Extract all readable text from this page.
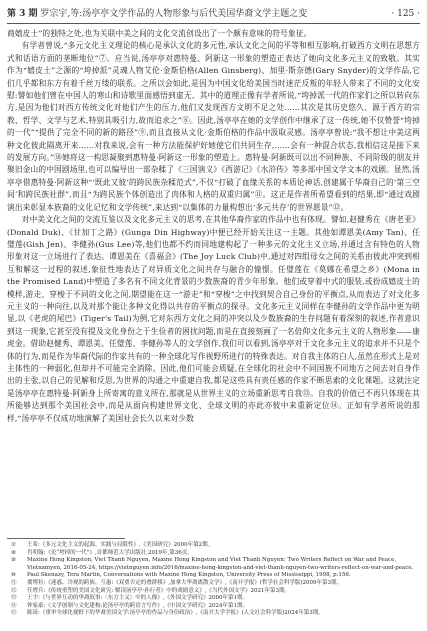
第 3 期 罗宗宇,等:汤亭亭文学作品的人物形象与后代美国华裔文学主题之变	· 125 ·

商嬉皮士”的独特之处,也为关联中美之间的文化交流创设出了一个颇有意味的符号象征。

有学者曾说,“多元文化主义理论的核心是承认文化的多元性,承认文化之间的平等和相互影响,打破西方文明在思想方式和话语方面的垄断地位”⑦。应当说,汤亭亭对惠特曼、阿新这一形象的塑造正表达了她向文化多元主义的致敬。其实作为“嬉皮士”之源的“垮掉派”灵魂人物艾伦·金斯伯格(Allen Ginsberg)、加里·斯奈德(Gary Snyder)的文学作品,它们几乎都和东方有着千丝万缕的联系。之所以会如此,是因为中国文化给美国当时迷茫反叛的年轻人带来了不同的文化安慰:譬如他们曾在中国人的寒山和诗歌里面感悟到虚无、其中的道理正像有学者所说,“垮掉派一代的作家们之所以转向东方,是因为他们对西方传统文化对他们产生的压力,他们又发现西方文明不足之处……其次是其历史悠久、源于西方的宗教、哲学、文学与艺术,特别具吸引力,故而追求之”⑧。因此,汤亭亭在她的文学创作中继承了这一传统,她不仅赞誉“垮掉的一代”“提供了完全不同的新的路径”⑨,而且直接从文化·金斯伯格的作品中汲取灵感。汤亭亭曾说:“我不想让中美这两种文化彼此隔离开来……对我来说,会有一种方法能保护好她使它们共同生存,……会有一种混合状态,我相信这是接下来的发展方向。”⑩她将这一构思凝聚到惠特曼·阿新这一形象的塑造上。惠特曼·阿新既可以出不同种族、不同阶级的朋友并聚旧金山的中国剧场里,也可以编导出一部杂糅了《三国演义》《西游记》《水浒传》等多部中国文学文本的戏剧。显然,汤亭亭借惠特曼·阿新这种“‘既此又彼’的跨民族杂糅范式”,不仅“打破了血缘关系的本质论神话,创建属于华裔自己的‘第三空间’和跨民族社群”,而且“为跨民族个体创造出了肉体和人格的双重归属”⑪。这正是作者所希望看到的结果,即“通过戏剧演出来彰显本族裔的文化记忆和文学传统”,来达到“以集体的力量构想出‘多元共存’的世界愿景”⑫。

对中美文化之间的交流互鉴以及文化多元主义的思考,在其他华裔作家的作品中也有体现。譬如,赵健秀在《唐老亚》(Donald Duk)、《甘加丁之路》(Gunga Din Highway)中便已经开始关注这一主题。其他如谭恩美(Amy Tan)、任璧莲(Gish Jen)、李健孙(Gus Lee)等,他们也都不约而同地建构起了一种多元的文化主义立场,并通过含有特色的人物形象对这一立场进行了表达。谭恩美在《喜福会》(The Joy Luck Club)中,通过对四组母女之间的关系由彼此冲突到相互和解这一过程的叙述,象征性地表达了对异质文化之间共存与融合的憧憬。任璧莲在《莫娜在希望之乡》(Mona in the Promised Land)中塑造了多名有不同文化背景的少数族裔的青少年形象。他们或穿着中式的服装,或扮成嬉皮士的模样,游走、穿梭于不同的文化之间,期望能在这一“游走”和“穿梭”之中找到契合自己身份的平衡点,从而表达了对文化多元主义的一种向往,以及对那个能让多种文化得以共存的平衡点的探寻。文化多元主义同样在李健孙的文学作品中更为明显,以《老虎的尾巴》(Tiger's Tail)为例,它对东西方文化之间的冲突以及少数族裔的生存问题有着深刻的叙述,作者意识到这一现象,它甚至没有提及文化身份之于生俭者的困扰问题,而是在直接刻画了一名倍仰文化多元主义的人物形象——康虎金。借助赵健秀、谭恩美、任璧莲、李健孙等人的文学创作,我们可以看到,汤亭亭对于文化多元主义的追求并不只是个体的行为,而是作为华裔代际的作家共有的一种全球化写作视野所进行的特殊表达。对自我主体的白人,虽然在形式上是对主体性的一种弱化,但却并不可能完全消除。因此,他们可能会质疑,在全球化的社会中不同国族不同地方之间去对自身作出的主张,以自己的见解和反思,为世界的沟通之中重建自我,都是这些具有责任感的作家不断思索的文化课题。这就注定是汤亭亭在惠特曼·阿新身上所寄寓的意义所在,那就是从世界主义的立场重新思考自我⑬。自我的价值已不再只体现在其所能够达到那个美国社会中,而是从面向构建世界文化、全球文明的亦此亦彼中来重新定位⑭。正如有学者所说的那样,“汤亭亭不仅成功地演解了美国社会长久以来对少数

⑦	王希:《多元文化主义的起源、实践与局限性》,《美国研究》2000年第2期。
⑧	肖明翰:《论“垮掉的一代”》,首都师范大学出版社,2019年,第36页。
⑨	Maxine Hong Kingston, Viet Thanh Nguyen, Maxine Hong Kingston and Viet Thanh Nguyen: Two Writers Reflect on War and Peace, Vietnamyen, 2016-05-24, https://vietnguyen.info/2016/maxine-hong-kingston-and-viet-thanh-nguyen-two-writers-reflect-on-war-and-peace.
⑩	Paul Skenazy, Tera Martin, Conversations with Maxine Hong Kingston, University Press of Mississippi, 1998, p.156.
⑪	冀博拉:《迷惑、冷观的跨族、互惠:《双重否定的叠群移》,加拿大华裔离散文学》,《南开学报》(哲学社会科学版)2009年第3期。
⑫	任增兵:《传统重塑的美国文化研究: 解读汤亭亭·孙行者》中的戏剧意义》,《当代外国文学》2021年第3期。
⑬	王宇:《与世界互动的华裔叙事:〈东方主义〉中的人像》,《外国文学研究》2000年第1期。
⑭	钟家豪:《文学创制与文化建构:论汤亭亭的跨语言写作》,《中国文学研究》2024年第1期。
⑮	陈琦:《重审全球化视野下的华裔美国文学:汤亭亭的作品与身份政治》,《南开大学学报》(人文社会科学版)2024年第3期。
